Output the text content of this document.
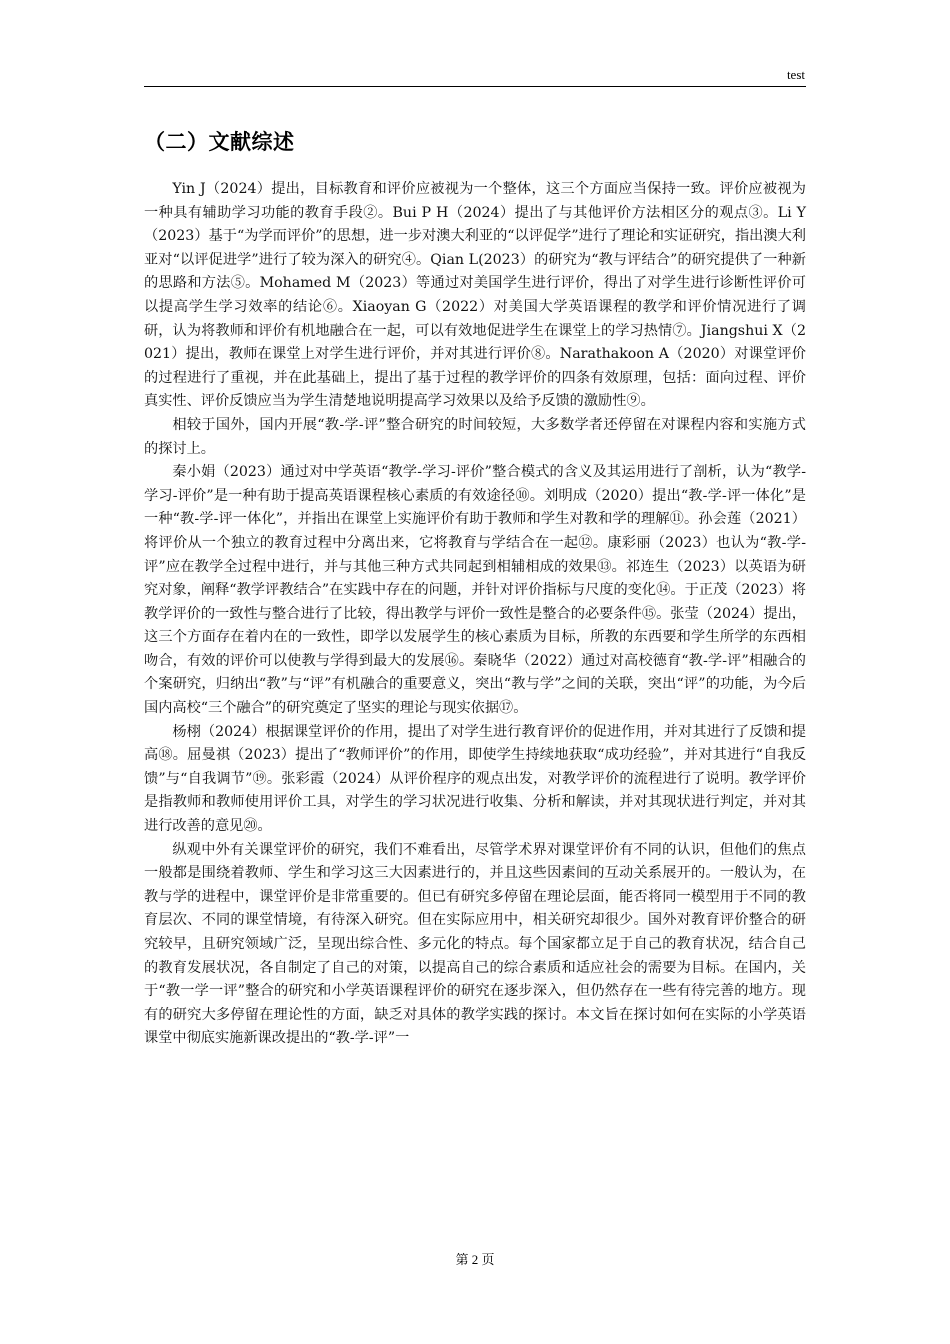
test
（二）文献综述

Yin J（2024）提出，目标教育和评价应被视为一个整体，这三个方面应当保持一致。评价应被视为一种具有辅助学习功能的教育手段②。Bui P H（2024）提出了与其他评价方法相区分的观点③。Li Y（2023）基于“为学而评价”的思想，进一步对澳大利亚的“以评促学”进行了理论和实证研究，指出澳大利亚对“以评促进学”进行了较为深入的研究④。Qian L(2023）的研究为“教与评结合”的研究提供了一种新的思路和方法⑤。Mohamed M（2023）等通过对美国学生进行评价，得出了对学生进行诊断性评价可以提高学生学习效率的结论⑥。Xiaoyan G（2022）对美国大学英语课程的教学和评价情况进行了调研，认为将教师和评价有机地融合在一起，可以有效地促进学生在课堂上的学习热情⑦。Jiangshui X（2021）提出，教师在课堂上对学生进行评价，并对其进行评价⑧。Narathakoon A（2020）对课堂评价的过程进行了重视，并在此基础上，提出了基于过程的教学评价的四条有效原理，包括：面向过程、评价真实性、评价反馈应当为学生清楚地说明提高学习效果以及给予反馈的激励性⑨。

相较于国外，国内开展“教-学-评”整合研究的时间较短，大多数学者还停留在对课程内容和实施方式的探讨上。

秦小娟（2023）通过对中学英语“教学-学习-评价”整合模式的含义及其运用进行了剖析，认为“教学-学习-评价”是一种有助于提高英语课程核心素质的有效途径⑩。刘明成（2020）提出“教-学-评一体化”是一种“教-学-评一体化”，并指出在课堂上实施评价有助于教师和学生对教和学的理解⑪。孙会莲（2021）将评价从一个独立的教育过程中分离出来，它将教育与学结合在一起⑫。康彩丽（2023）也认为“教-学-评”应在教学全过程中进行，并与其他三种方式共同起到相辅相成的效果⑬。祁连生（2023）以英语为研究对象，阐释“教学评教结合”在实践中存在的问题，并针对评价指标与尺度的变化⑭。于正茂（2023）将教学评价的一致性与整合进行了比较，得出教学与评价一致性是整合的必要条件⑮。张莹（2024）提出，这三个方面存在着内在的一致性，即学以发展学生的核心素质为目标，所教的东西要和学生所学的东西相吻合，有效的评价可以使教与学得到最大的发展⑯。秦晓华（2022）通过对高校德育“教-学-评”相融合的个案研究，归纳出“教”与“评”有机融合的重要意义，突出“教与学”之间的关联，突出“评”的功能，为今后国内高校“三个融合”的研究奠定了坚实的理论与现实依据⑰。

杨栩（2024）根据课堂评价的作用，提出了对学生进行教育评价的促进作用，并对其进行了反馈和提高⑱。屈曼祺（2023）提出了“教师评价”的作用，即使学生持续地获取“成功经验”，并对其进行“自我反馈”与“自我调节”⑲。张彩霞（2024）从评价程序的观点出发，对教学评价的流程进行了说明。教学评价是指教师和教师使用评价工具，对学生的学习状况进行收集、分析和解读，并对其现状进行判定，并对其进行改善的意见⑳。

纵观中外有关课堂评价的研究，我们不难看出，尽管学术界对课堂评价有不同的认识，但他们的焦点一般都是围绕着教师、学生和学习这三大因素进行的，并且这些因素间的互动关系展开的。一般认为，在教与学的进程中，课堂评价是非常重要的。但已有研究多停留在理论层面，能否将同一模型用于不同的教育层次、不同的课堂情境，有待深入研究。但在实际应用中，相关研究却很少。国外对教育评价整合的研究较早，且研究领域广泛，呈现出综合性、多元化的特点。每个国家都立足于自己的教育状况，结合自己的教育发展状况，各自制定了自己的对策，以提高自己的综合素质和适应社会的需要为目标。在国内，关于“教一学一评”整合的研究和小学英语课程评价的研究在逐步深入，但仍然存在一些有待完善的地方。现有的研究大多停留在理论性的方面，缺乏对具体的教学实践的探讨。本文旨在探讨如何在实际的小学英语课堂中彻底实施新课改提出的“教-学-评”一

第 2 页
